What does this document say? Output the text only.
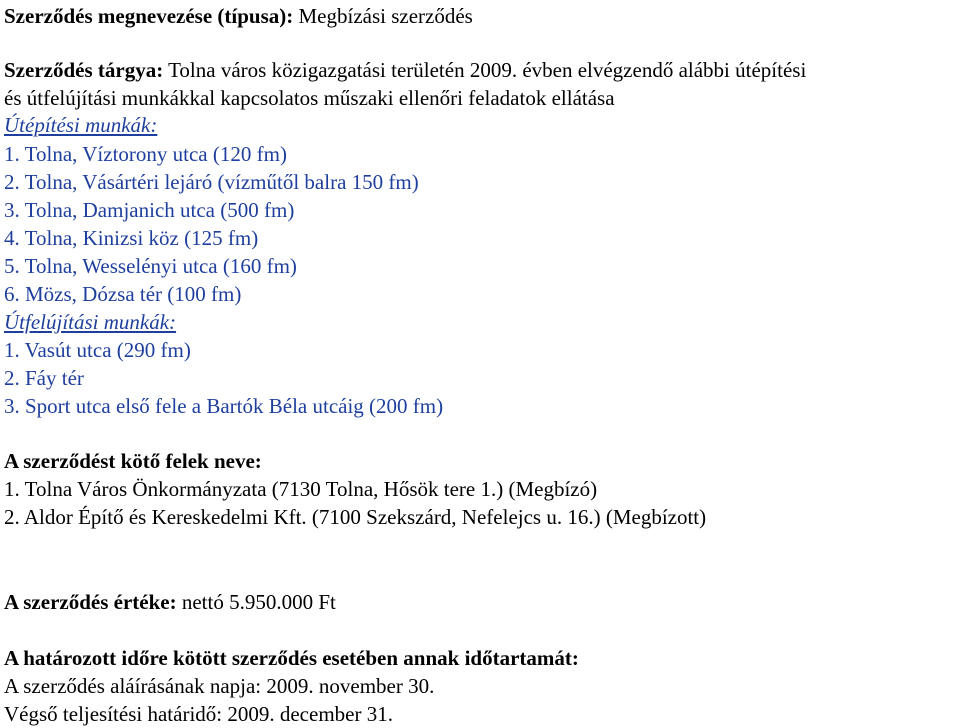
Szerződés megnevezése (típusa): Megbízási szerződés
Szerződés tárgya: Tolna város közigazgatási területén 2009. évben elvégzendő alábbi útépítési
és útfelújítási munkákkal kapcsolatos műszaki ellenőri feladatok ellátása
Útépítési munkák:
1. Tolna, Víztorony utca (120 fm)
2. Tolna, Vásártéri lejáró (vízműtől balra 150 fm)
3. Tolna, Damjanich utca (500 fm)
4. Tolna, Kinizsi köz (125 fm)
5. Tolna, Wesselényi utca (160 fm)
6. Mözs, Dózsa tér (100 fm)
Útfelújítási munkák:
1. Vasút utca (290 fm)
2. Fáy tér
3. Sport utca első fele a Bartók Béla utcáig (200 fm)
A szerződést kötő felek neve:
1. Tolna Város Önkormányzata (7130 Tolna, Hősök tere 1.) (Megbízó)
2. Aldor Építő és Kereskedelmi Kft. (7100 Szekszárd, Nefelejcs u. 16.) (Megbízott)
A szerződés értéke: nettó 5.950.000 Ft
A határozott időre kötött szerződés esetében annak időtartamát:
A szerződés aláírásának napja: 2009. november 30.
Végső teljesítési határidő: 2009. december 31.
